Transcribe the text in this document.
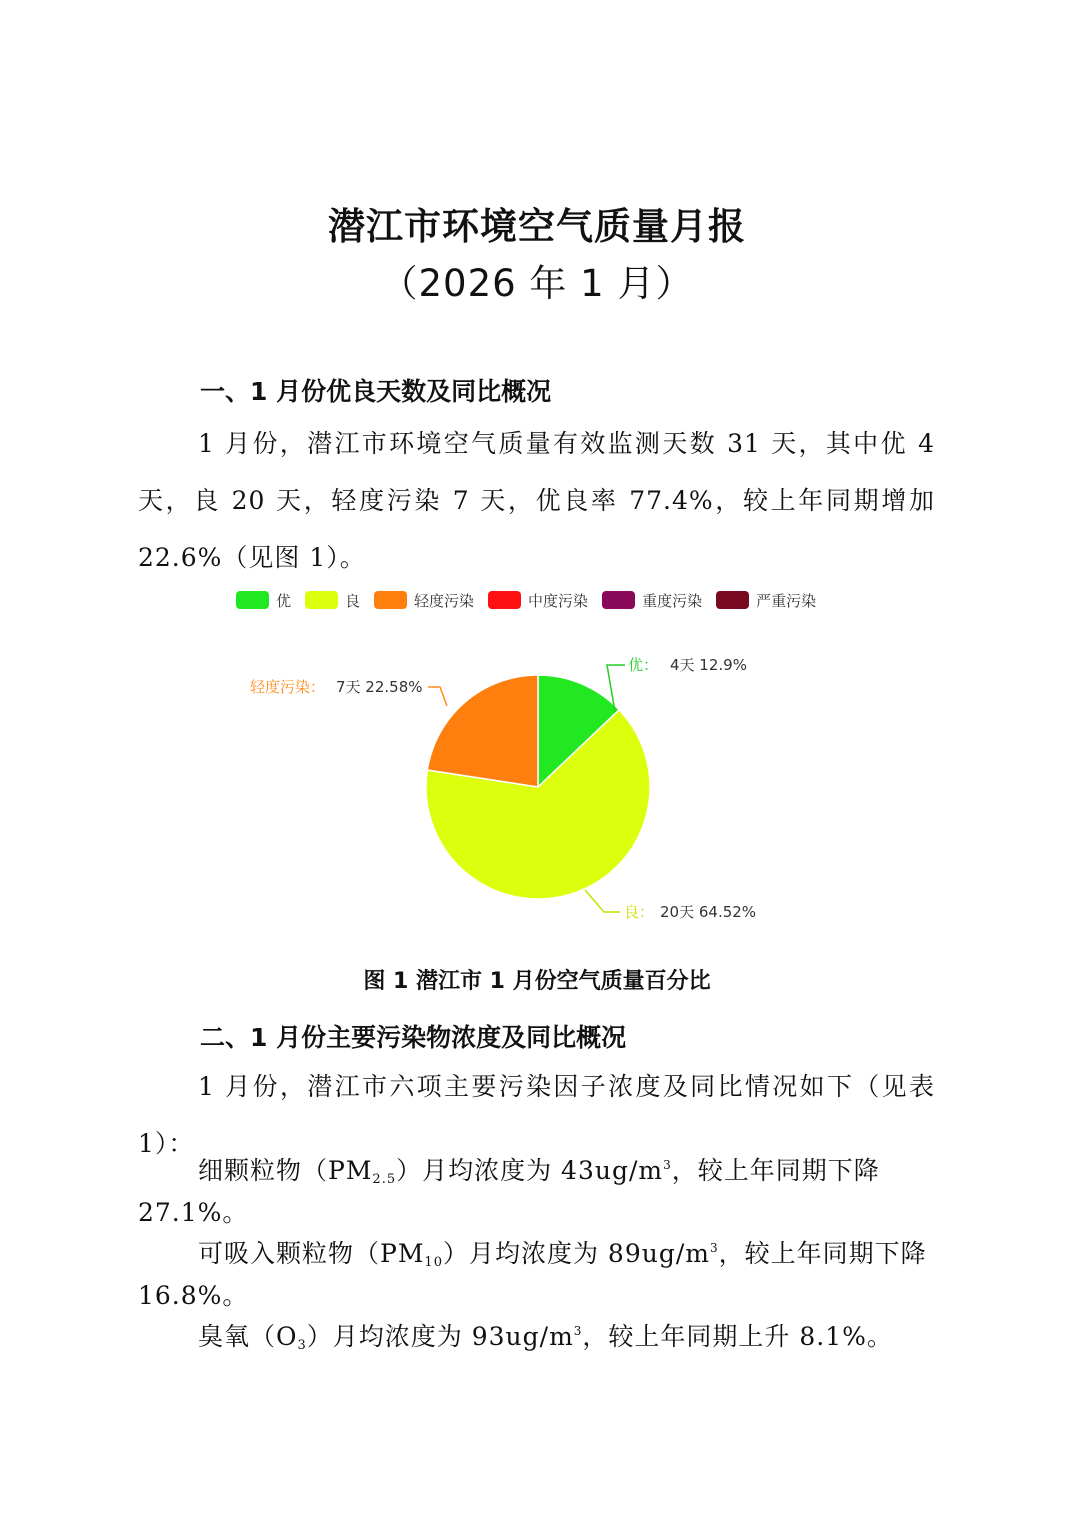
潜江市环境空气质量月报
（2026 年 1 月）
一、1 月份优良天数及同比概况
1 月份，潜江市环境空气质量有效监测天数 31 天，其中优 4 天，良 20 天，轻度污染 7 天，优良率 77.4%，较上年同期增加 22.6%（见图 1）。
优	良	轻度污染	中度污染	重度污染	严重污染
优： 4天 12.9%
轻度污染： 7天 22.58%
良： 20天 64.52%
图 1 潜江市 1 月份空气质量百分比
二、1 月份主要污染物浓度及同比概况
1 月份，潜江市六项主要污染因子浓度及同比情况如下（见表 1）：
细颗粒物$(PM_{2.5})$月均浓度为 $43ug/m^3$，较上年同期下降
27.1%。
可吸入颗粒物$(PM_{10})$月均浓度为 $89ug/m^3$，较上年同期下降
16.8%。
臭氧$(O_3)$月均浓度为 $93ug/m^3$，较上年同期上升 8.1%。
